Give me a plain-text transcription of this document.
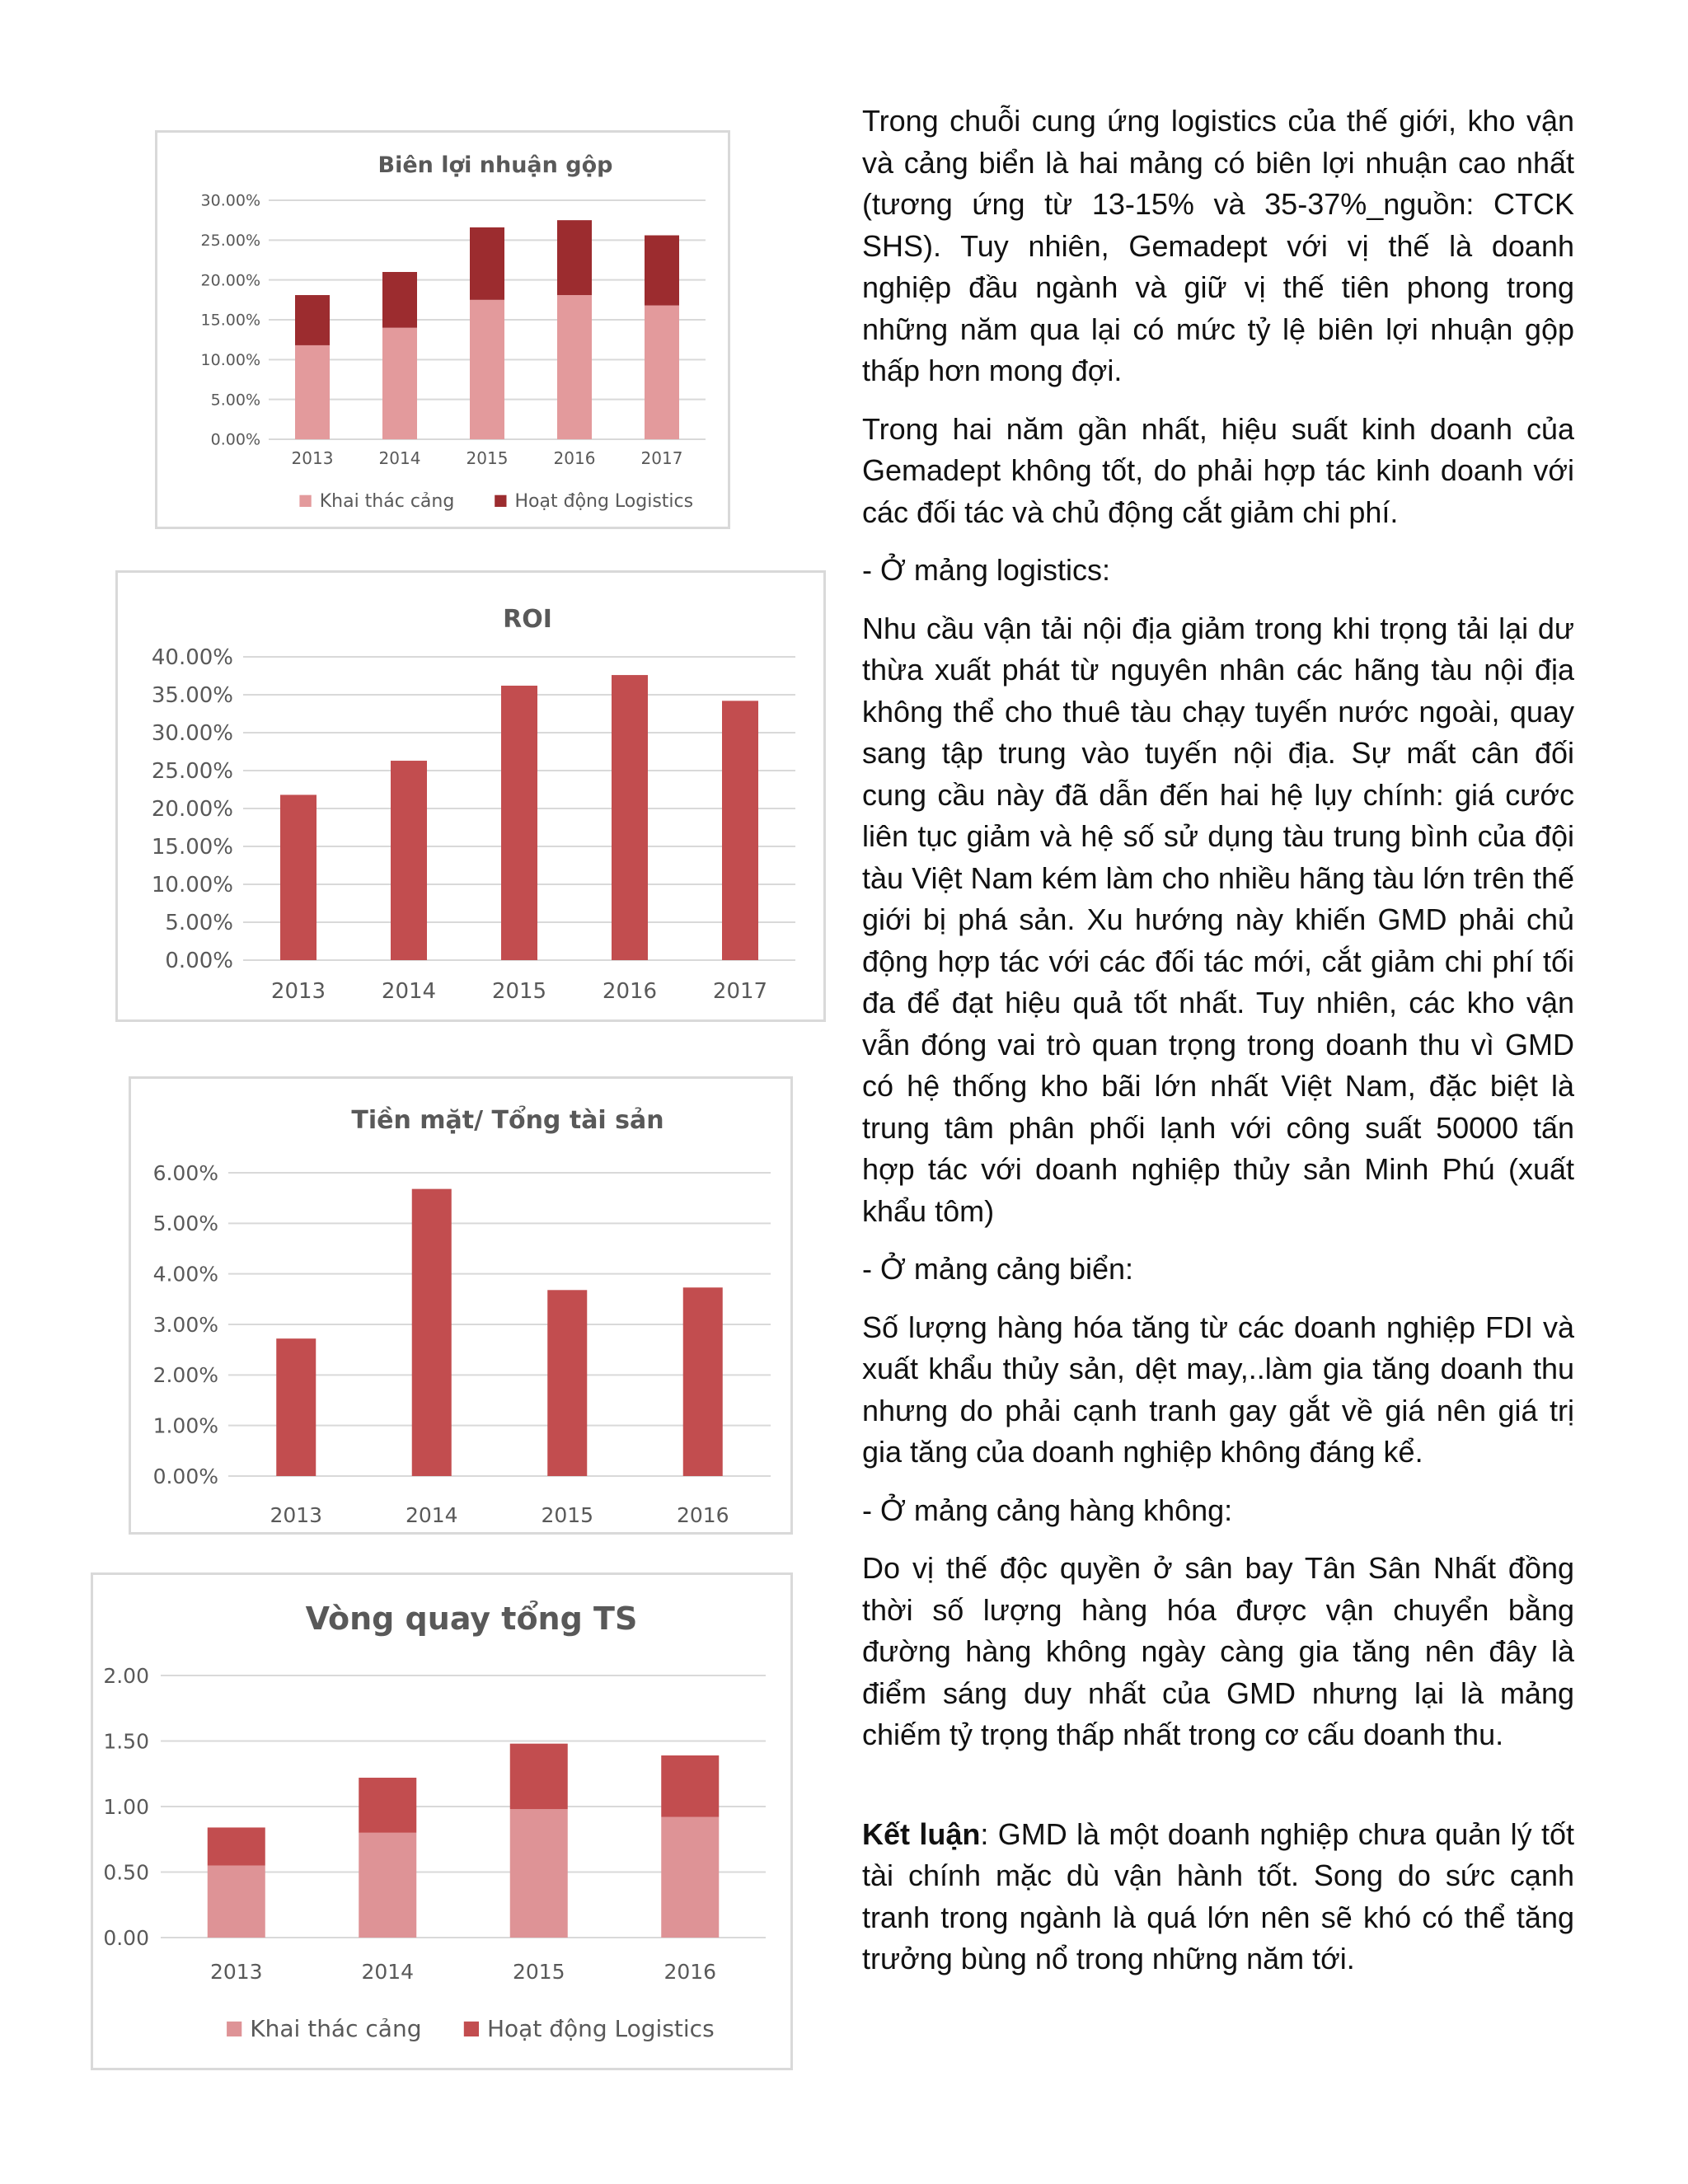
Biên lợi nhuận gộp
30.00%
25.00%
20.00%
15.00%
10.00%
5.00%
0.00%
2013	2014	2015	2016	2017
Khai thác cảng	Hoạt động Logistics
ROI
40.00%
35.00%
30.00%
25.00%
20.00%
15.00%
10.00%
5.00%
0.00%
2013	2014	2015	2016	2017
Tiền mặt/ Tổng tài sản
6.00%
5.00%
4.00%
3.00%
2.00%
1.00%
0.00%
2013	2014	2015	2016
Vòng quay tổng TS
2.00
1.50
1.00
0.50
0.00
2013	2014	2015	2016
Khai thác cảng	Hoạt động Logistics

Trong chuỗi cung ứng logistics của thế giới, kho vận và cảng biển là hai mảng có biên lợi nhuận cao nhất (tương ứng từ 13-15% và 35-37%_nguồn: CTCK SHS). Tuy nhiên, Gemadept với vị thế là doanh nghiệp đầu ngành và giữ vị thế tiên phong trong những năm qua lại có mức tỷ lệ biên lợi nhuận gộp thấp hơn mong đợi.

Trong hai năm gần nhất, hiệu suất kinh doanh của Gemadept không tốt, do phải hợp tác kinh doanh với các đối tác và chủ động cắt giảm chi phí.

- Ở mảng logistics:

Nhu cầu vận tải nội địa giảm trong khi trọng tải lại dư thừa xuất phát từ nguyên nhân các hãng tàu nội địa không thể cho thuê tàu chạy tuyến nước ngoài, quay sang tập trung vào tuyến nội địa. Sự mất cân đối cung cầu này đã dẫn đến hai hệ lụy chính: giá cước liên tục giảm và hệ số sử dụng tàu trung bình của đội tàu Việt Nam kém làm cho nhiều hãng tàu lớn trên thế giới bị phá sản. Xu hướng này khiến GMD phải chủ động hợp tác với các đối tác mới, cắt giảm chi phí tối đa để đạt hiệu quả tốt nhất. Tuy nhiên, các kho vận vẫn đóng vai trò quan trọng trong doanh thu vì GMD có hệ thống kho bãi lớn nhất Việt Nam, đặc biệt là trung tâm phân phối lạnh với công suất 50000 tấn hợp tác với doanh nghiệp thủy sản Minh Phú (xuất khẩu tôm)

- Ở mảng cảng biển:

Số lượng hàng hóa tăng từ các doanh nghiệp FDI và xuất khẩu thủy sản, dệt may,..làm gia tăng doanh thu nhưng do phải cạnh tranh gay gắt về giá nên giá trị gia tăng của doanh nghiệp không đáng kể.

- Ở mảng cảng hàng không:

Do vị thế độc quyền ở sân bay Tân Sân Nhất đồng thời số lượng hàng hóa được vận chuyển bằng đường hàng không ngày càng gia tăng nên đây là điểm sáng duy nhất của GMD nhưng lại là mảng chiếm tỷ trọng thấp nhất trong cơ cấu doanh thu.

Kết luận: GMD là một doanh nghiệp chưa quản lý tốt tài chính mặc dù vận hành tốt. Song do sức cạnh tranh trong ngành là quá lớn nên sẽ khó có thể tăng trưởng bùng nổ trong những năm tới.
